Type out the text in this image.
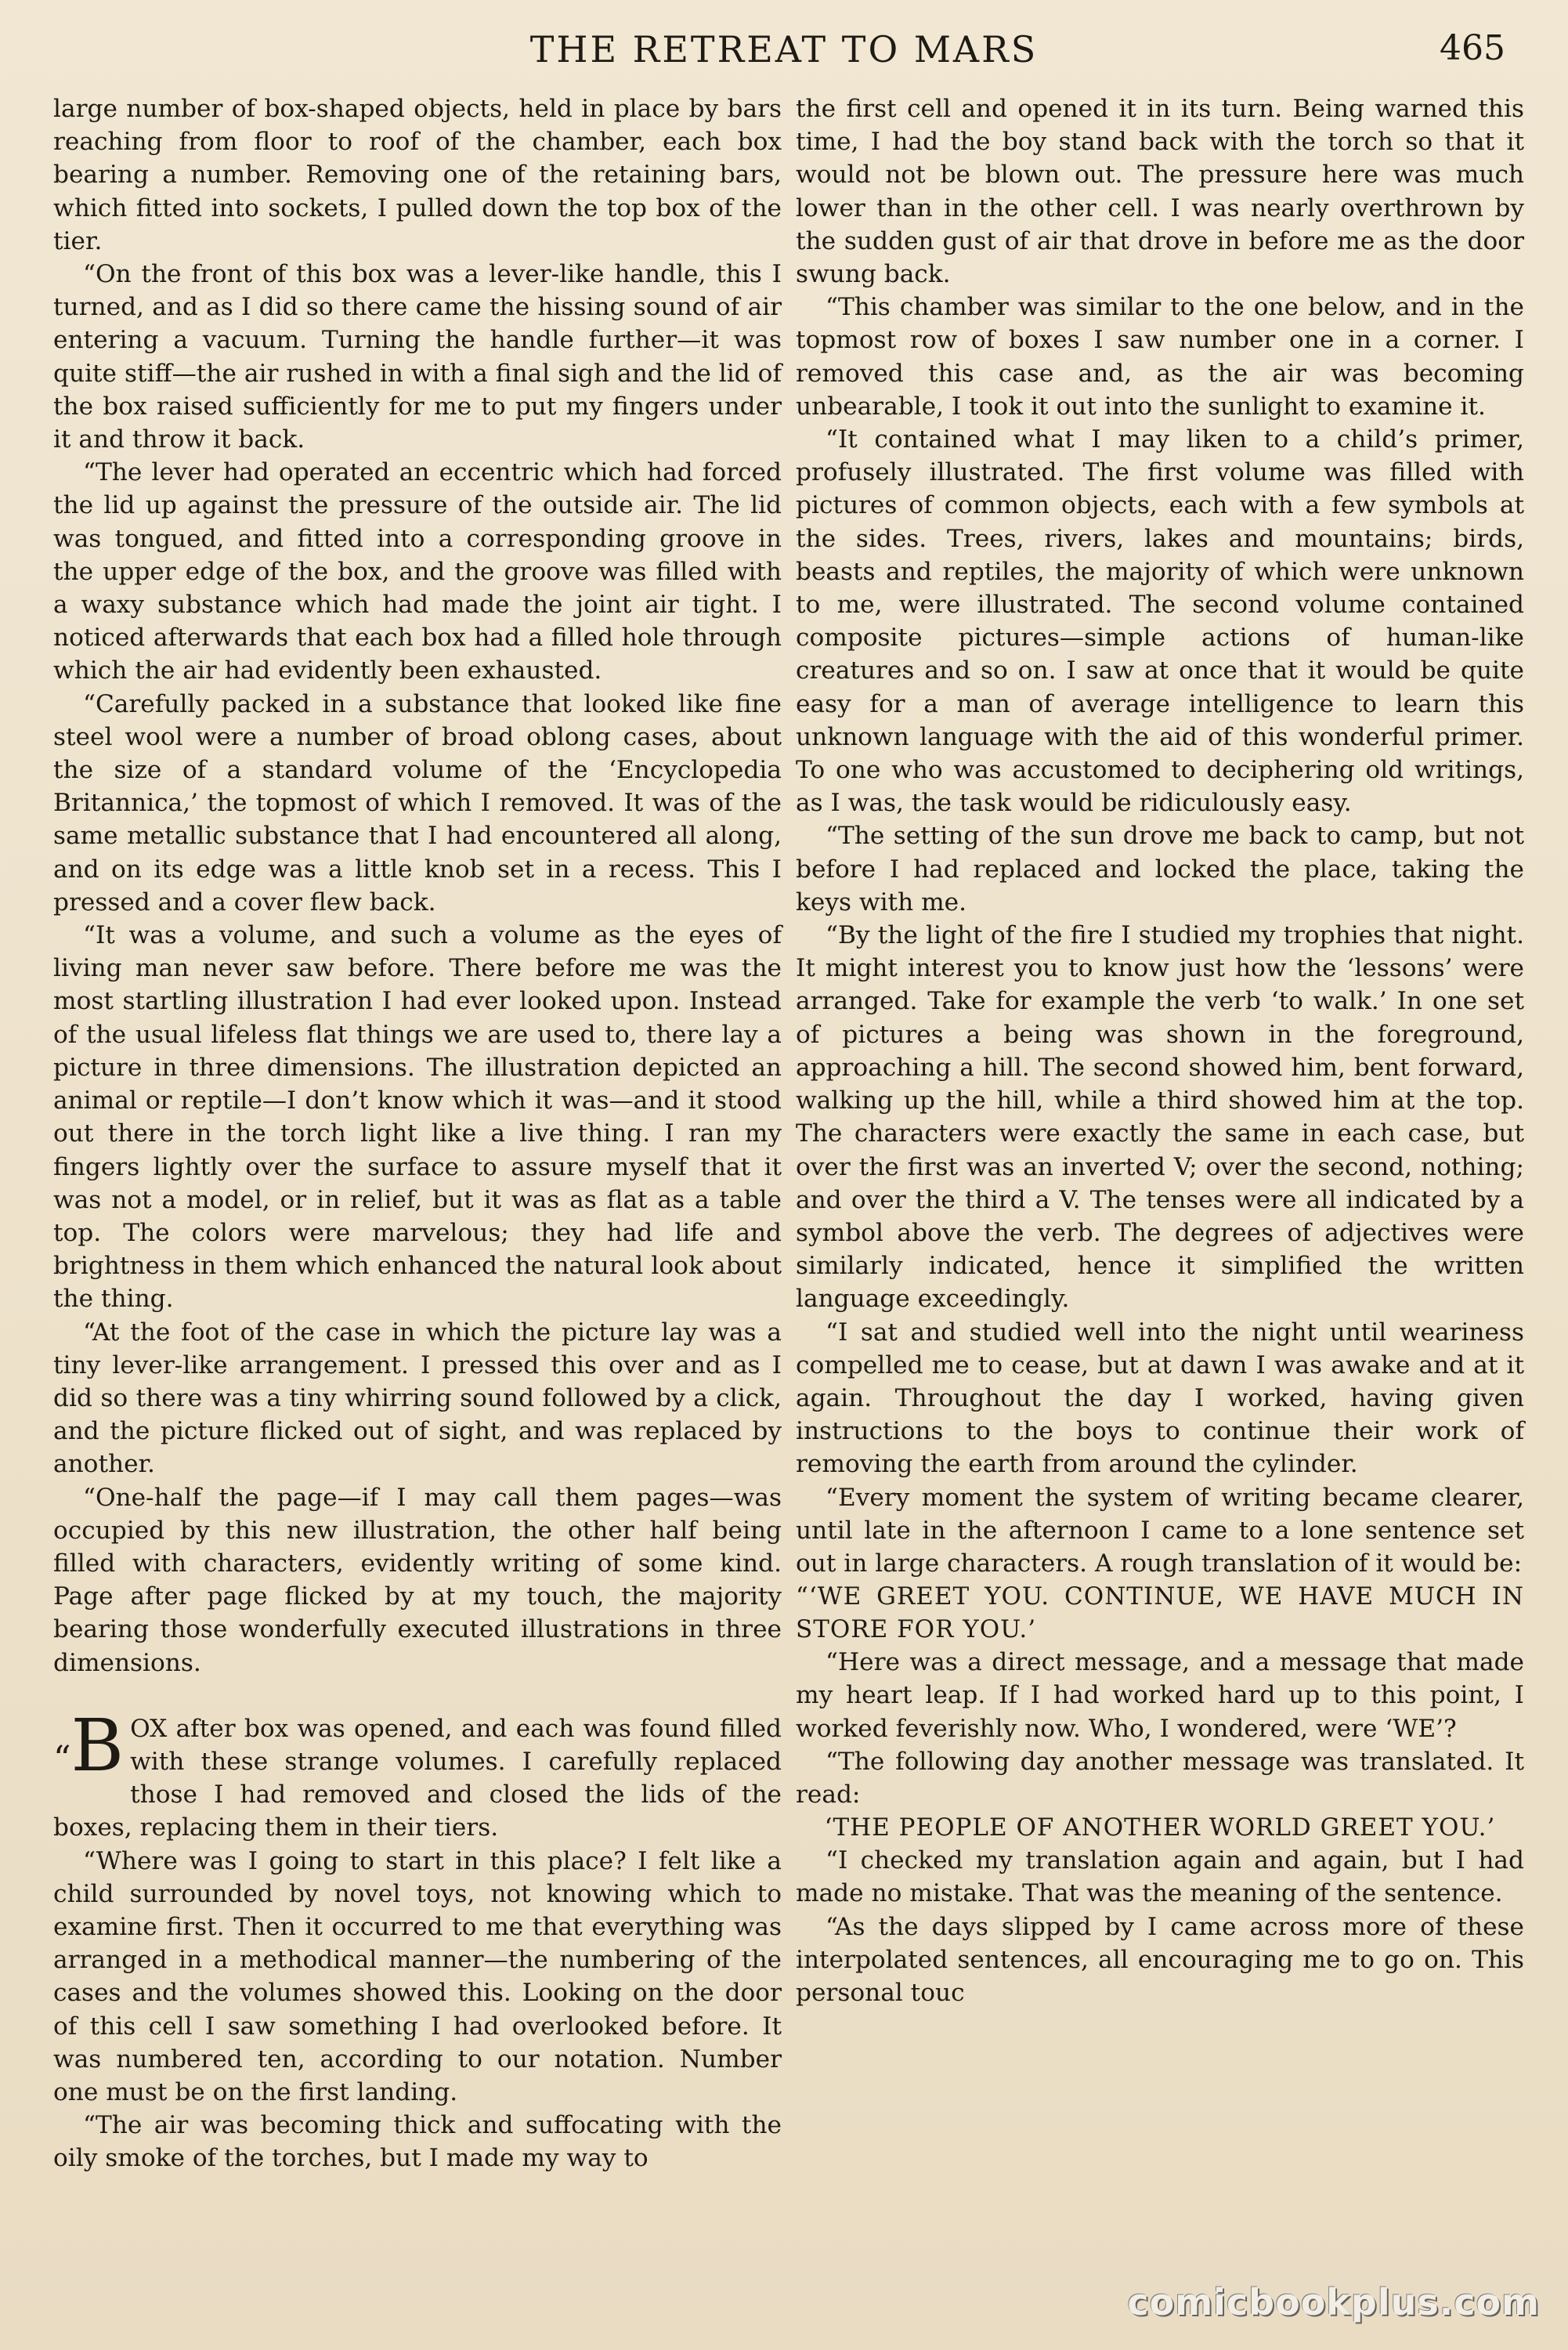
THE RETREAT TO MARS	465

large number of box-shaped objects, held in place by bars reaching from floor to roof of the chamber, each box bearing a number. Removing one of the retaining bars, which fitted into sockets, I pulled down the top box of the tier.

“On the front of this box was a lever-like handle, this I turned, and as I did so there came the hissing sound of air entering a vacuum. Turning the handle further—it was quite stiff—the air rushed in with a final sigh and the lid of the box raised sufficiently for me to put my fingers under it and throw it back.

“The lever had operated an eccentric which had forced the lid up against the pressure of the outside air. The lid was tongued, and fitted into a corresponding groove in the upper edge of the box, and the groove was filled with a waxy substance which had made the joint air tight. I noticed afterwards that each box had a filled hole through which the air had evidently been exhausted.

“Carefully packed in a substance that looked like fine steel wool were a number of broad oblong cases, about the size of a standard volume of the ‘Encyclopedia Britannica,’ the topmost of which I removed. It was of the same metallic substance that I had encountered all along, and on its edge was a little knob set in a recess. This I pressed and a cover flew back.

“It was a volume, and such a volume as the eyes of living man never saw before. There before me was the most startling illustration I had ever looked upon. Instead of the usual lifeless flat things we are used to, there lay a picture in three dimensions. The illustration depicted an animal or reptile—I don’t know which it was—and it stood out there in the torch light like a live thing. I ran my fingers lightly over the surface to assure myself that it was not a model, or in relief, but it was as flat as a table top. The colors were marvelous; they had life and brightness in them which enhanced the natural look about the thing.

“At the foot of the case in which the picture lay was a tiny lever-like arrangement. I pressed this over and as I did so there was a tiny whirring sound followed by a click, and the picture flicked out of sight, and was replaced by another.

“One-half the page—if I may call them pages—was occupied by this new illustration, the other half being filled with characters, evidently writing of some kind. Page after page flicked by at my touch, the majority bearing those wonderfully executed illustrations in three dimensions.

“B OX after box was opened, and each was found filled with these strange volumes. I carefully replaced those I had removed and closed the lids of the boxes, replacing them in their tiers.

“Where was I going to start in this place? I felt like a child surrounded by novel toys, not knowing which to examine first. Then it occurred to me that everything was arranged in a methodical manner—the numbering of the cases and the volumes showed this. Looking on the door of this cell I saw something I had overlooked before. It was numbered ten, according to our notation. Number one must be on the first landing.

“The air was becoming thick and suffocating with the oily smoke of the torches, but I made my way to

the first cell and opened it in its turn. Being warned this time, I had the boy stand back with the torch so that it would not be blown out. The pressure here was much lower than in the other cell. I was nearly overthrown by the sudden gust of air that drove in before me as the door swung back.

“This chamber was similar to the one below, and in the topmost row of boxes I saw number one in a corner. I removed this case and, as the air was becoming unbearable, I took it out into the sunlight to examine it.

“It contained what I may liken to a child’s primer, profusely illustrated. The first volume was filled with pictures of common objects, each with a few symbols at the sides. Trees, rivers, lakes and mountains; birds, beasts and reptiles, the majority of which were unknown to me, were illustrated. The second volume contained composite pictures—simple actions of human-like creatures and so on. I saw at once that it would be quite easy for a man of average intelligence to learn this unknown language with the aid of this wonderful primer. To one who was accustomed to deciphering old writings, as I was, the task would be ridiculously easy.

“The setting of the sun drove me back to camp, but not before I had replaced and locked the place, taking the keys with me.

“By the light of the fire I studied my trophies that night. It might interest you to know just how the ‘lessons’ were arranged. Take for example the verb ‘to walk.’ In one set of pictures a being was shown in the foreground, approaching a hill. The second showed him, bent forward, walking up the hill, while a third showed him at the top. The characters were exactly the same in each case, but over the first was an inverted V; over the second, nothing; and over the third a V. The tenses were all indicated by a symbol above the verb. The degrees of adjectives were similarly indicated, hence it simplified the written language exceedingly.

“I sat and studied well into the night until weariness compelled me to cease, but at dawn I was awake and at it again. Throughout the day I worked, having given instructions to the boys to continue their work of removing the earth from around the cylinder.

“Every moment the system of writing became clearer, until late in the afternoon I came to a lone sentence set out in large characters. A rough translation of it would be:

“‘WE GREET YOU. CONTINUE, WE HAVE MUCH IN STORE FOR YOU.’

“Here was a direct message, and a message that made my heart leap. If I had worked hard up to this point, I worked feverishly now. Who, I wondered, were ‘WE’?

“The following day another message was translated. It read:

‘THE PEOPLE OF ANOTHER WORLD GREET YOU.’

“I checked my translation again and again, but I had made no mistake. That was the meaning of the sentence.

“As the days slipped by I came across more of these interpolated sentences, all encouraging me to go on. This personal touc

comicbookplus.com
